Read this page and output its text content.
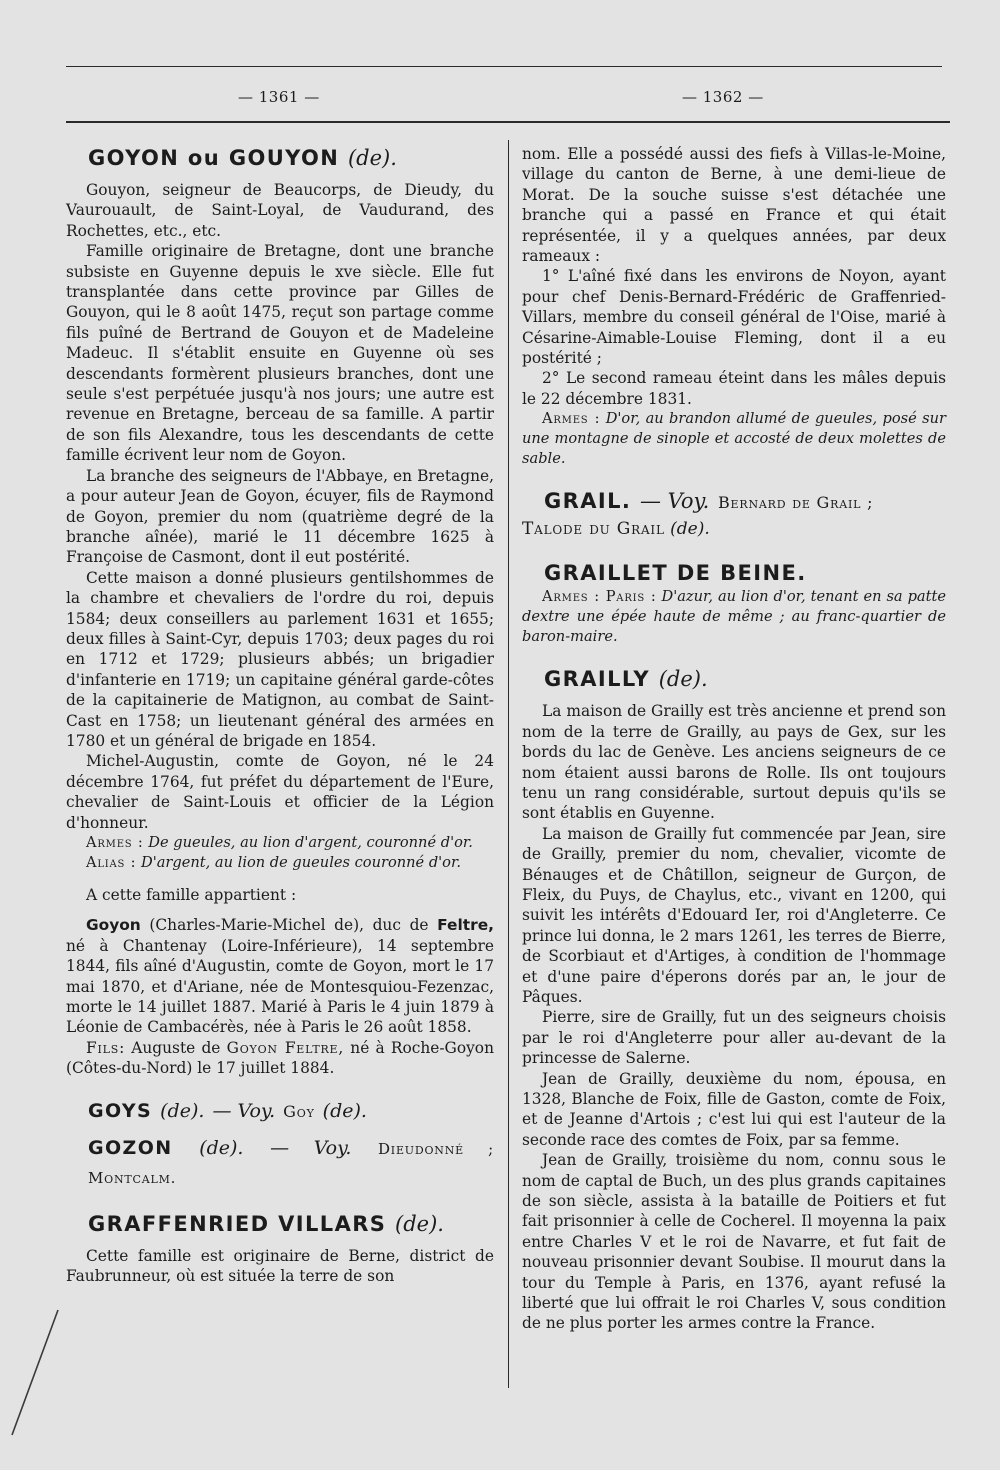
— 1361 —	— 1362 —
GOYON ou GOUYON (de).

Gouyon, seigneur de Beaucorps, de Dieudy, du Vaurouault, de Saint-Loyal, de Vaudurand, des Rochettes, etc., etc.

Famille originaire de Bretagne, dont une branche subsiste en Guyenne depuis le xve siècle. Elle fut transplantée dans cette province par Gilles de Gouyon, qui le 8 août 1475, reçut son partage comme fils puîné de Bertrand de Gouyon et de Madeleine Madeuc. Il s'établit ensuite en Guyenne où ses descendants formèrent plusieurs branches, dont une seule s'est perpétuée jusqu'à nos jours; une autre est revenue en Bretagne, berceau de sa famille. A partir de son fils Alexandre, tous les descendants de cette famille écrivent leur nom de Goyon.

La branche des seigneurs de l'Abbaye, en Bretagne, a pour auteur Jean de Goyon, écuyer, fils de Raymond de Goyon, premier du nom (quatrième degré de la branche aînée), marié le 11 décembre 1625 à Françoise de Casmont, dont il eut postérité.

Cette maison a donné plusieurs gentilshommes de la chambre et chevaliers de l'ordre du roi, depuis 1584; deux conseillers au parlement 1631 et 1655; deux filles à Saint-Cyr, depuis 1703; deux pages du roi en 1712 et 1729; plusieurs abbés; un brigadier d'infanterie en 1719; un capitaine général garde-côtes de la capitainerie de Matignon, au combat de Saint-Cast en 1758; un lieutenant général des armées en 1780 et un général de brigade en 1854.

Michel-Augustin, comte de Goyon, né le 24 décembre 1764, fut préfet du département de l'Eure, chevalier de Saint-Louis et officier de la Légion d'honneur.

Armes : De gueules, au lion d'argent, couronné d'or.

Alias : D'argent, au lion de gueules couronné d'or.

A cette famille appartient :

Goyon (Charles-Marie-Michel de), duc de Feltre, né à Chantenay (Loire-Inférieure), 14 septembre 1844, fils aîné d'Augustin, comte de Goyon, mort le 17 mai 1870, et d'Ariane, née de Montesquiou-Fezenzac, morte le 14 juillet 1887. Marié à Paris le 4 juin 1879 à Léonie de Cambacérès, née à Paris le 26 août 1858.

Fils: Auguste de Goyon Feltre, né à Roche-Goyon (Côtes-du-Nord) le 17 juillet 1884.

GOYS (de). — Voy. Goy (de).
GOZON (de). — Voy. Dieudonné ; Montcalm.
GRAFFENRIED VILLARS (de).

Cette famille est originaire de Berne, district de Faubrunneur, où est située la terre de son

nom. Elle a possédé aussi des fiefs à Villas-le-Moine, village du canton de Berne, à une demi-lieue de Morat. De la souche suisse s'est détachée une branche qui a passé en France et qui était représentée, il y a quelques années, par deux rameaux :

1° L'aîné fixé dans les environs de Noyon, ayant pour chef Denis-Bernard-Frédéric de Graffenried-Villars, membre du conseil général de l'Oise, marié à Césarine-Aimable-Louise Fleming, dont il a eu postérité ;

2° Le second rameau éteint dans les mâles depuis le 22 décembre 1831.

Armes : D'or, au brandon allumé de gueules, posé sur une montagne de sinople et accosté de deux molettes de sable.

GRAIL. — Voy. Bernard de Grail ;

Talode du Grail (de).

GRAILLET DE BEINE.

Armes : Paris : D'azur, au lion d'or, tenant en sa patte dextre une épée haute de même ; au franc-quartier de baron-maire.

GRAILLY (de).

La maison de Grailly est très ancienne et prend son nom de la terre de Grailly, au pays de Gex, sur les bords du lac de Genève. Les anciens seigneurs de ce nom étaient aussi barons de Rolle. Ils ont toujours tenu un rang considérable, surtout depuis qu'ils se sont établis en Guyenne.

La maison de Grailly fut commencée par Jean, sire de Grailly, premier du nom, chevalier, vicomte de Bénauges et de Châtillon, seigneur de Gurçon, de Fleix, du Puys, de Chaylus, etc., vivant en 1200, qui suivit les intérêts d'Edouard Ier, roi d'Angleterre. Ce prince lui donna, le 2 mars 1261, les terres de Bierre, de Scorbiaut et d'Artiges, à condition de l'hommage et d'une paire d'éperons dorés par an, le jour de Pâques.

Pierre, sire de Grailly, fut un des seigneurs choisis par le roi d'Angleterre pour aller au-devant de la princesse de Salerne.

Jean de Grailly, deuxième du nom, épousa, en 1328, Blanche de Foix, fille de Gaston, comte de Foix, et de Jeanne d'Artois ; c'est lui qui est l'auteur de la seconde race des comtes de Foix, par sa femme.

Jean de Grailly, troisième du nom, connu sous le nom de captal de Buch, un des plus grands capitaines de son siècle, assista à la bataille de Poitiers et fut fait prisonnier à celle de Cocherel. Il moyenna la paix entre Charles V et le roi de Navarre, et fut fait de nouveau prisonnier devant Soubise. Il mourut dans la tour du Temple à Paris, en 1376, ayant refusé la liberté que lui offrait le roi Charles V, sous condition de ne plus porter les armes contre la France.
